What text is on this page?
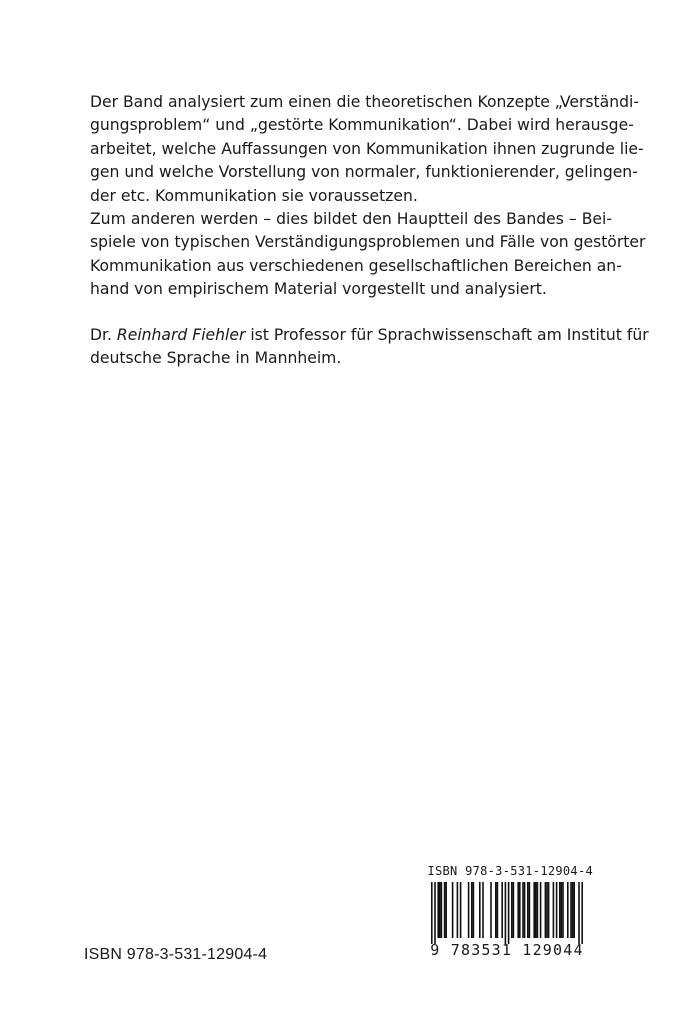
Der Band analysiert zum einen die theoretischen Konzepte „Verständi-
gungsproblem“ und „gestörte Kommunikation“. Dabei wird herausge-
arbeitet, welche Auffassungen von Kommunikation ihnen zugrunde lie-
gen und welche Vorstellung von normaler, funktionierender, gelingen-
der etc. Kommunikation sie voraussetzen.
Zum anderen werden – dies bildet den Hauptteil des Bandes – Bei-
spiele von typischen Verständigungsproblemen und Fälle von gestörter
Kommunikation aus verschiedenen gesellschaftlichen Bereichen an-
hand von empirischem Material vorgestellt und analysiert.
Dr. Reinhard Fiehler ist Professor für Sprachwissenschaft am Institut für
deutsche Sprache in Mannheim.
ISBN 978-3-531-12904-4
9 783531 129044
ISBN 978-3-531-12904-4
